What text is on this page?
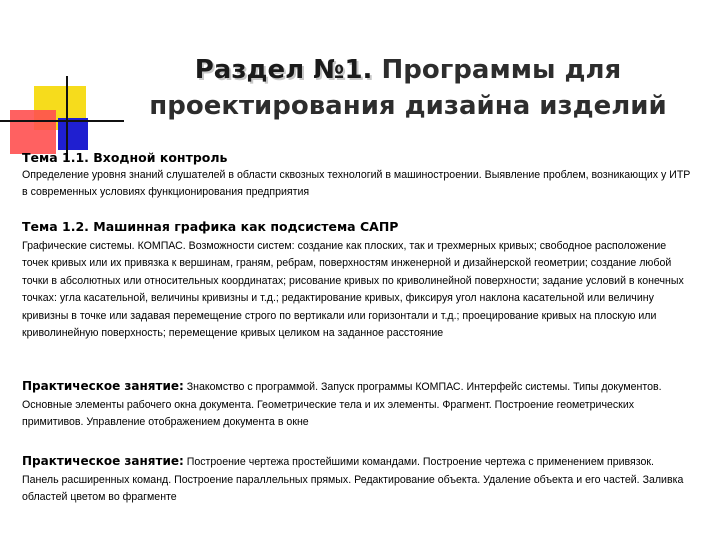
Раздел №1. Программы для проектирования дизайна изделий

Тема 1.1. Входной контроль

Определение уровня знаний слушателей в области сквозных технологий в машиностроении. Выявление проблем, возникающих у ИТР в современных условиях функционирования предприятия

Тема 1.2. Машинная графика как подсистема САПР

Графические системы. КОМПАС. Возможности систем: создание как плоских, так и трехмерных кривых; свободное расположение точек кривых или их привязка к вершинам, граням, ребрам, поверхностям инженерной и дизайнерской геометрии; создание любой точки в абсолютных или относительных координатах; рисование кривых по криволинейной поверхности; задание условий в конечных точках: угла касательной, величины кривизны и т.д.; редактирование кривых, фиксируя угол наклона касательной или величину кривизны в точке или задавая перемещение строго по вертикали или горизонтали и т.д.; проецирование кривых на плоскую или криволинейную поверхность; перемещение кривых целиком на заданное расстояние

Практическое занятие: Знакомство с программой. Запуск программы КОМПАС. Интерфейс системы. Типы документов. Основные элементы рабочего окна документа. Геометрические тела и их элементы. Фрагмент. Построение геометрических примитивов. Управление отображением документа в окне

Практическое занятие: Построение чертежа простейшими командами. Построение чертежа с применением привязок. Панель расширенных команд. Построение параллельных прямых. Редактирование объекта. Удаление объекта и его частей. Заливка областей цветом во фрагменте
